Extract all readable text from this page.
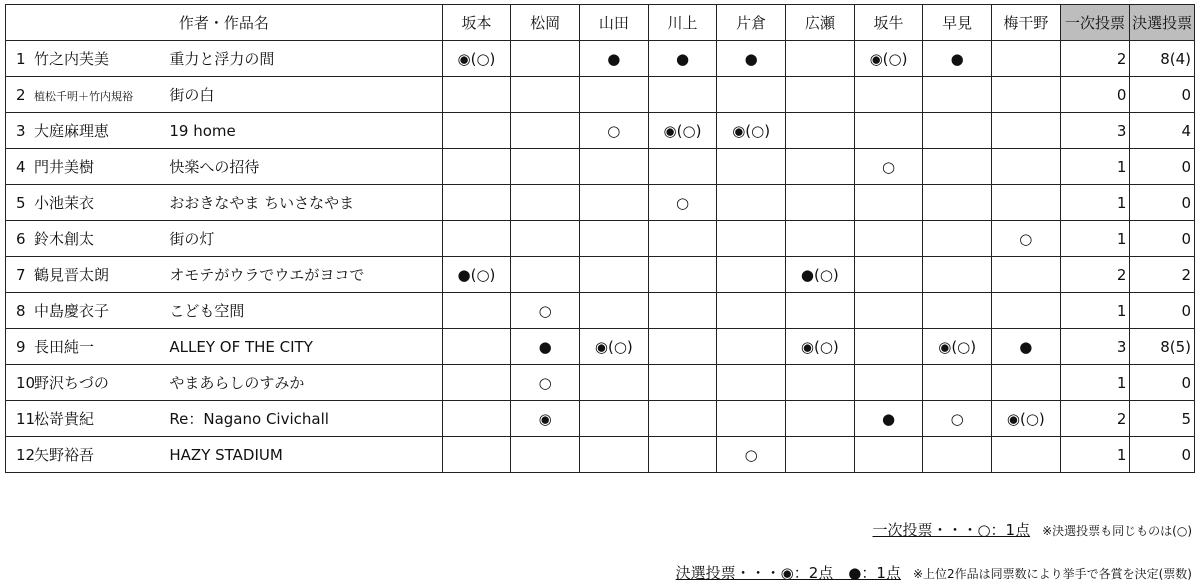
作者・作品名		坂本	松岡	山田	川上	片倉	広瀬	坂牛	早見	梅干野	一次投票	決選投票
1 竹之内芙美	重力と浮力の間	◉(○)		●	●	●		◉(○)	●		2	8(4)
2 植松千明＋竹内規裕	街の白										0	0
3 大庭麻理恵	19 home			○	◉(○)	◉(○)					3	4
4 門井美樹	快楽への招待							○			1	0
5 小池茉衣	おおきなやま ちいさなやま				○						1	0
6 鈴木創太	街の灯									○	1	0
7 鶴見晋太朗	オモテがウラでウエがヨコで	●(○)					●(○)				2	2
8 中島慶衣子	こども空間		○								1	0
9 長田純一	ALLEY OF THE CITY		●	◉(○)			◉(○)		◉(○)	●	3	8(5)
10野沢ちづの	やまあらしのすみか		○								1	0
11松嵜貴紀	Re：Nagano Civichall		◉					●	○	◉(○)	2	5
12矢野裕吾	HAZY STADIUM					○					1	0
一次投票・・・○：1点 ※決選投票も同じものは(○)
決選投票・・・◉：2点　●：1点 ※上位2作品は同票数により挙手で各賞を決定(票数)
